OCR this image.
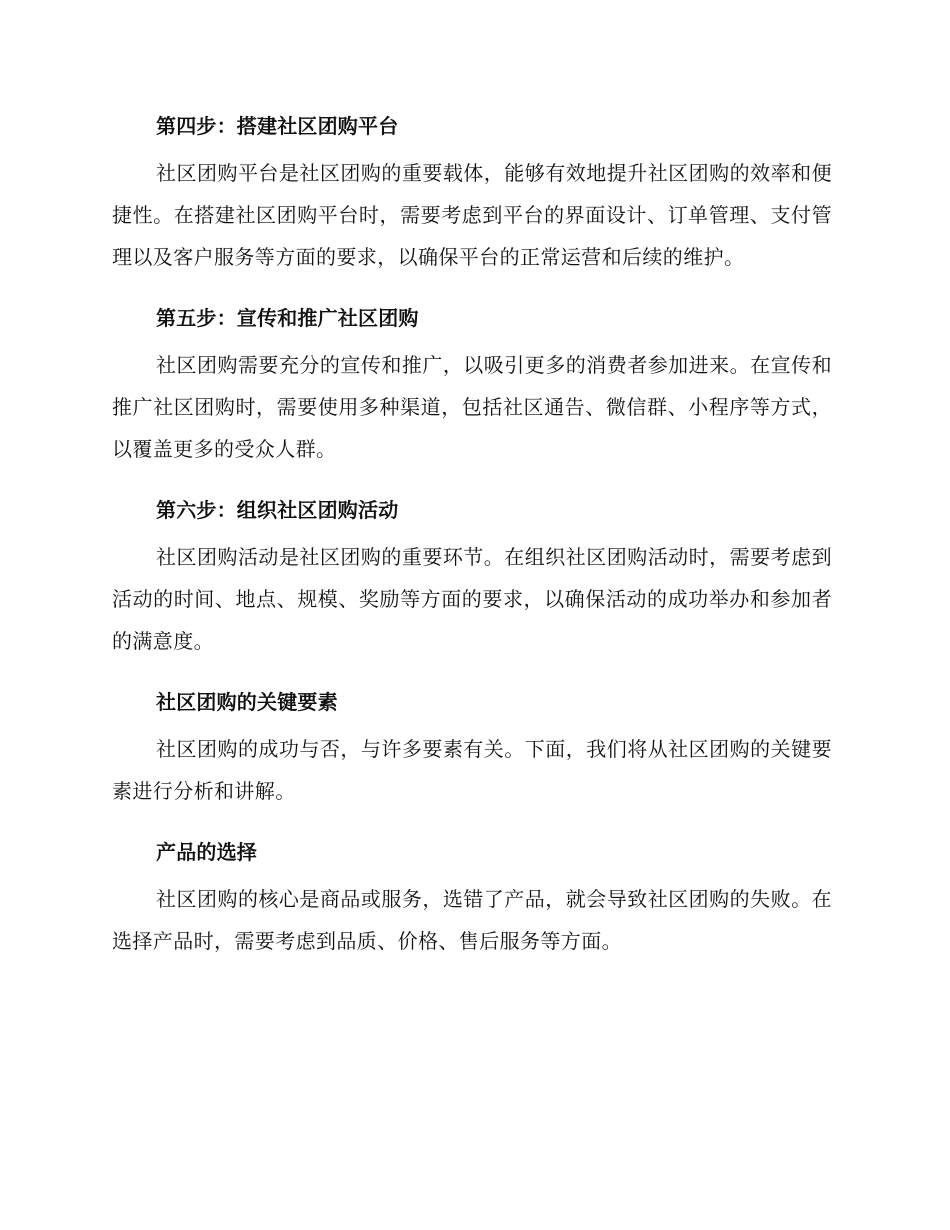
第四步：搭建社区团购平台

社区团购平台是社区团购的重要载体，能够有效地提升社区团购的效率和便捷性。在搭建社区团购平台时，需要考虑到平台的界面设计、订单管理、支付管理以及客户服务等方面的要求，以确保平台的正常运营和后续的维护。

第五步：宣传和推广社区团购

社区团购需要充分的宣传和推广，以吸引更多的消费者参加进来。在宣传和推广社区团购时，需要使用多种渠道，包括社区通告、微信群、小程序等方式，以覆盖更多的受众人群。

第六步：组织社区团购活动

社区团购活动是社区团购的重要环节。在组织社区团购活动时，需要考虑到活动的时间、地点、规模、奖励等方面的要求，以确保活动的成功举办和参加者的满意度。

社区团购的关键要素

社区团购的成功与否，与许多要素有关。下面，我们将从社区团购的关键要素进行分析和讲解。

产品的选择

社区团购的核心是商品或服务，选错了产品，就会导致社区团购的失败。在选择产品时，需要考虑到品质、价格、售后服务等方面。
